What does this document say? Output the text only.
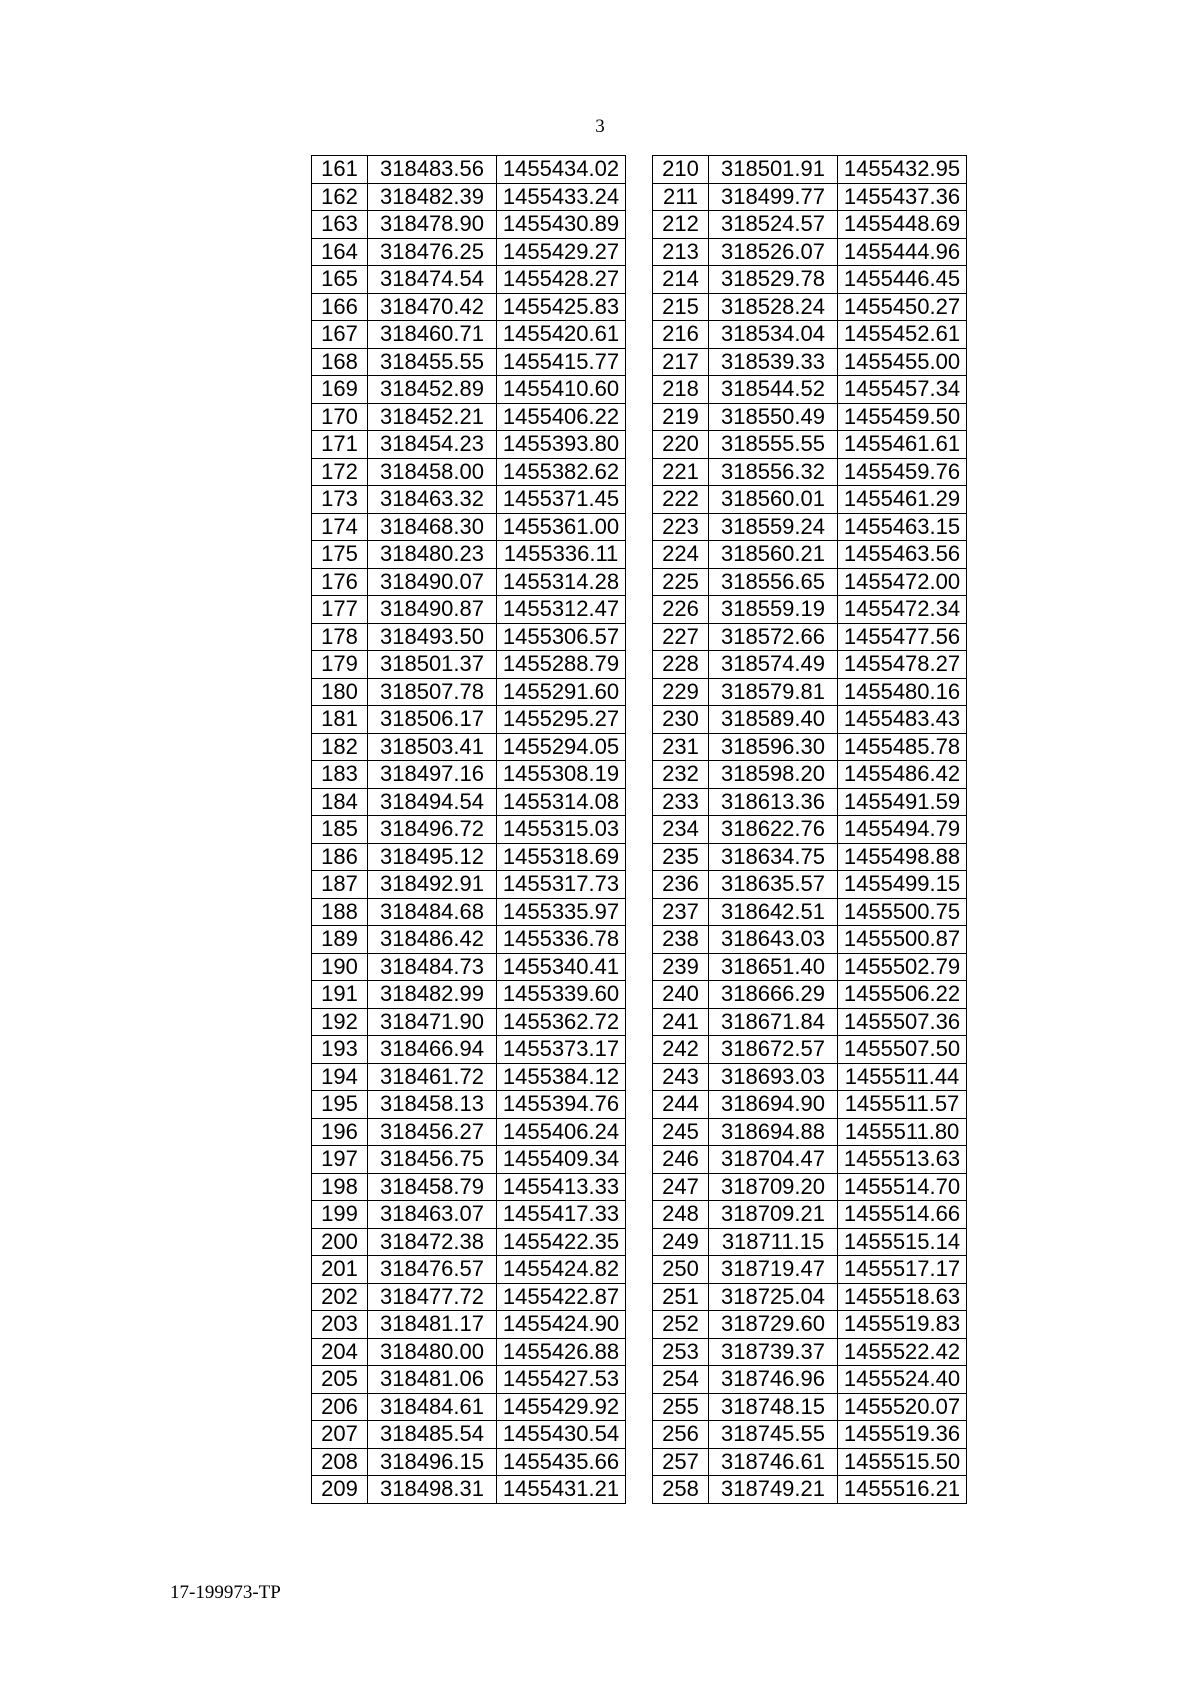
3
161	318483.56	1455434.02
162	318482.39	1455433.24
163	318478.90	1455430.89
164	318476.25	1455429.27
165	318474.54	1455428.27
166	318470.42	1455425.83
167	318460.71	1455420.61
168	318455.55	1455415.77
169	318452.89	1455410.60
170	318452.21	1455406.22
171	318454.23	1455393.80
172	318458.00	1455382.62
173	318463.32	1455371.45
174	318468.30	1455361.00
175	318480.23	1455336.11
176	318490.07	1455314.28
177	318490.87	1455312.47
178	318493.50	1455306.57
179	318501.37	1455288.79
180	318507.78	1455291.60
181	318506.17	1455295.27
182	318503.41	1455294.05
183	318497.16	1455308.19
184	318494.54	1455314.08
185	318496.72	1455315.03
186	318495.12	1455318.69
187	318492.91	1455317.73
188	318484.68	1455335.97
189	318486.42	1455336.78
190	318484.73	1455340.41
191	318482.99	1455339.60
192	318471.90	1455362.72
193	318466.94	1455373.17
194	318461.72	1455384.12
195	318458.13	1455394.76
196	318456.27	1455406.24
197	318456.75	1455409.34
198	318458.79	1455413.33
199	318463.07	1455417.33
200	318472.38	1455422.35
201	318476.57	1455424.82
202	318477.72	1455422.87
203	318481.17	1455424.90
204	318480.00	1455426.88
205	318481.06	1455427.53
206	318484.61	1455429.92
207	318485.54	1455430.54
208	318496.15	1455435.66
209	318498.31	1455431.21
210	318501.91	1455432.95
211	318499.77	1455437.36
212	318524.57	1455448.69
213	318526.07	1455444.96
214	318529.78	1455446.45
215	318528.24	1455450.27
216	318534.04	1455452.61
217	318539.33	1455455.00
218	318544.52	1455457.34
219	318550.49	1455459.50
220	318555.55	1455461.61
221	318556.32	1455459.76
222	318560.01	1455461.29
223	318559.24	1455463.15
224	318560.21	1455463.56
225	318556.65	1455472.00
226	318559.19	1455472.34
227	318572.66	1455477.56
228	318574.49	1455478.27
229	318579.81	1455480.16
230	318589.40	1455483.43
231	318596.30	1455485.78
232	318598.20	1455486.42
233	318613.36	1455491.59
234	318622.76	1455494.79
235	318634.75	1455498.88
236	318635.57	1455499.15
237	318642.51	1455500.75
238	318643.03	1455500.87
239	318651.40	1455502.79
240	318666.29	1455506.22
241	318671.84	1455507.36
242	318672.57	1455507.50
243	318693.03	1455511.44
244	318694.90	1455511.57
245	318694.88	1455511.80
246	318704.47	1455513.63
247	318709.20	1455514.70
248	318709.21	1455514.66
249	318711.15	1455515.14
250	318719.47	1455517.17
251	318725.04	1455518.63
252	318729.60	1455519.83
253	318739.37	1455522.42
254	318746.96	1455524.40
255	318748.15	1455520.07
256	318745.55	1455519.36
257	318746.61	1455515.50
258	318749.21	1455516.21
17-199973-TP
